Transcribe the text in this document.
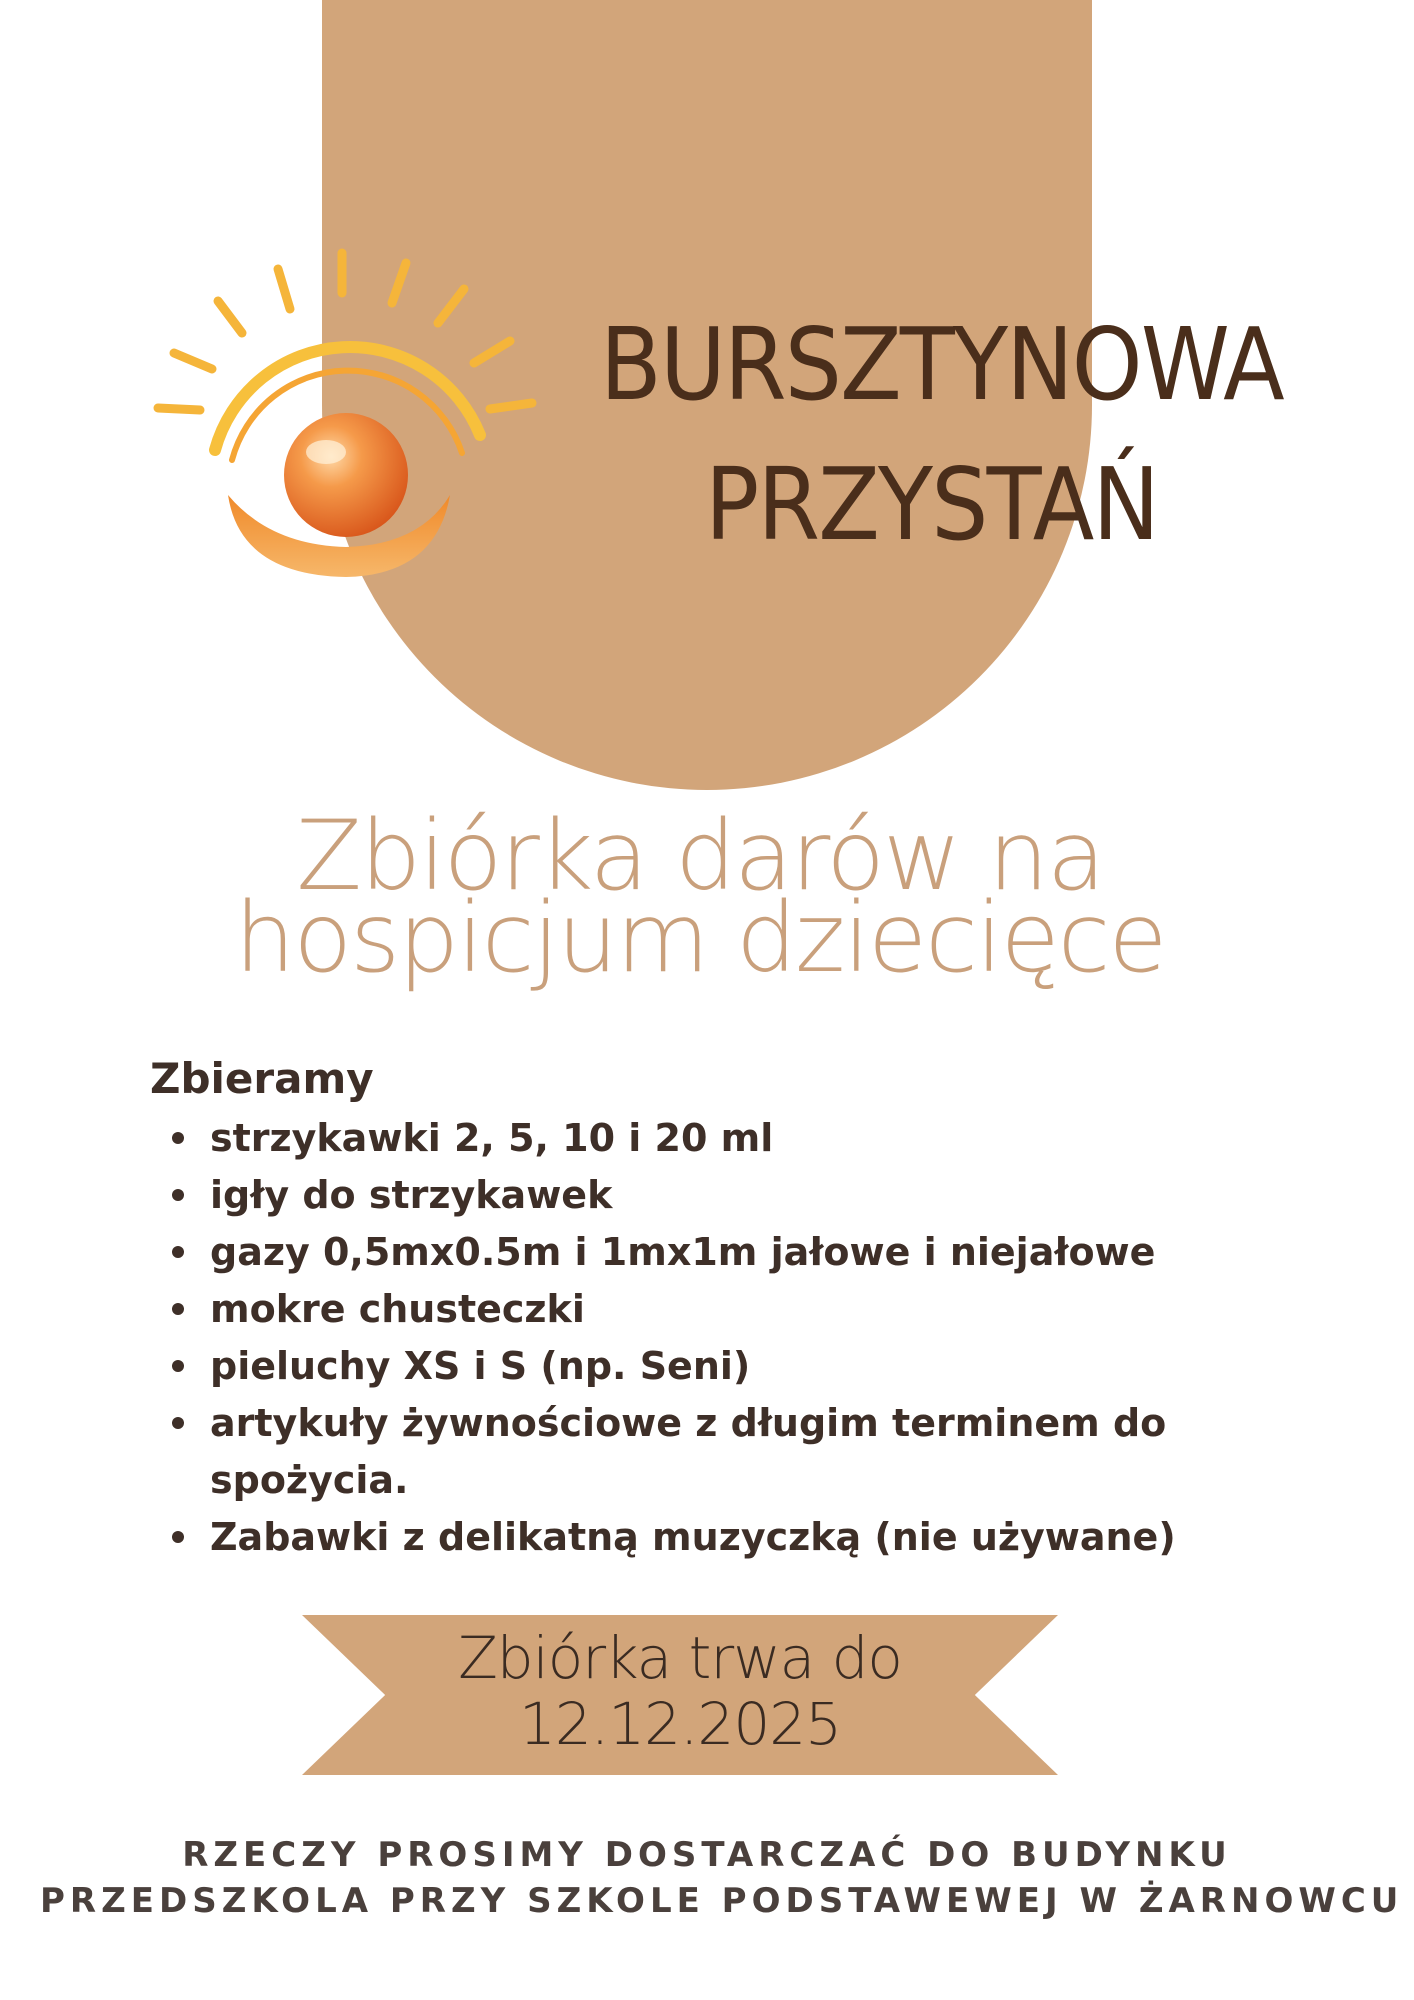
BURSZTYNOWA
PRZYSTAŃ
Zbiórka darów na
hospicjum dziecięce
Zbieramy
strzykawki 2, 5, 10 i 20 ml
igły do strzykawek
gazy 0,5mx0.5m i 1mx1m jałowe i niejałowe
mokre chusteczki
pieluchy XS i S (np. Seni)
artykuły żywnościowe z długim terminem do spożycia.
Zabawki z delikatną muzyczką (nie używane)
Zbiórka trwa do
12.12.2025
RZECZY PROSIMY DOSTARCZAĆ DO BUDYNKU
PRZEDSZKOLA PRZY SZKOLE PODSTAWEWEJ W ŻARNOWCU
